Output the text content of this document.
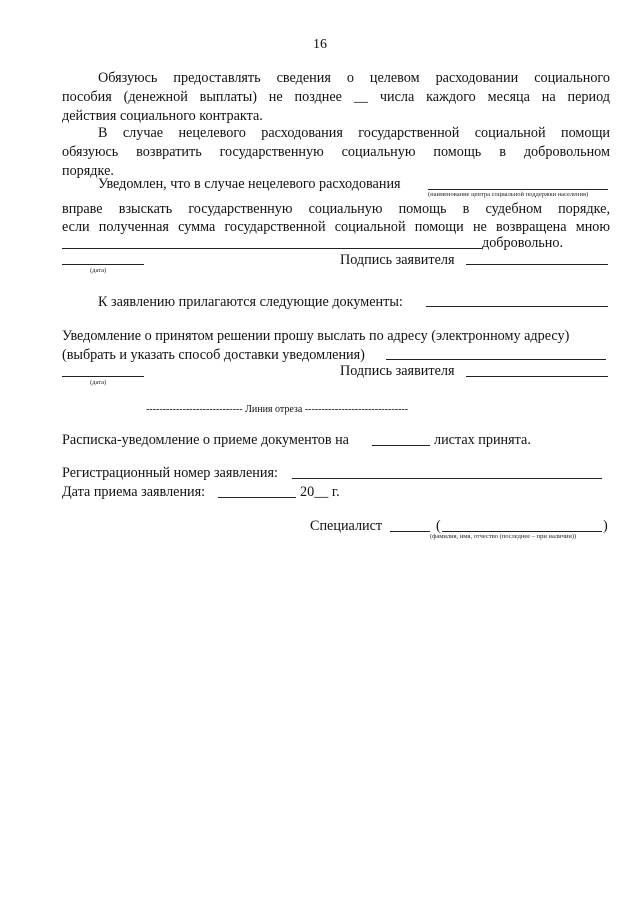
16
Обязуюсь предоставлять сведения о целевом расходовании социального
пособия (денежной выплаты) не позднее __ числа каждого месяца на период
действия социального контракта.
В случае нецелевого расходования государственной социальной помощи
обязуюсь возвратить государственную социальную помощь в добровольном
порядке.
Уведомлен, что в случае нецелевого расходования
(наименование центра социальной поддержки населения)
вправе взыскать государственную социальную помощь в судебном порядке,
если полученная сумма государственной социальной помощи не возвращена мною
добровольно.
(дата)
Подпись заявителя
К заявлению прилагаются следующие документы:
Уведомление о принятом решении прошу выслать по адресу (электронному адресу)
(выбрать и указать способ доставки уведомления)
(дата)
Подпись заявителя
----------------------------- Линия отреза -------------------------------
Расписка-уведомление о приеме документов на	листах принята.
Регистрационный номер заявления:
Дата приема заявления:	20__ г.
Специалист	(	)
(фамилия, имя, отчество (последнее – при наличии))
